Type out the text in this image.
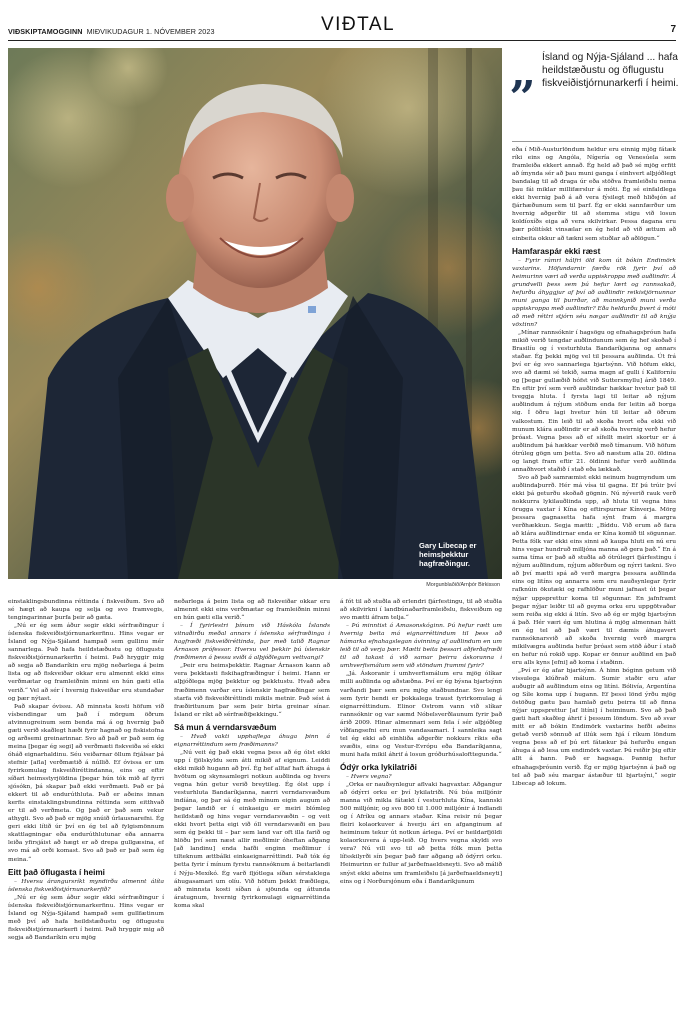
VIÐSKIPTAMOGGINN MIÐVIKUDAGUR 1. NÓVEMBER 2023	VIÐTAL	7
Gary Libecap er heimsþekktur hagfræðingur.
Morgunblaðið/Arnþór Birkisson
„ Ísland og Nýja-Sjáland ... hafa heildstæðustu og öflugustu fiskveiðistjórnunarkerfi í heimi.

eða í Mið-Austurlöndum heldur eru einnig mjög fátæk ríki eins og Angóla, Nígería og Venesúela sem framleiða ekkert annað. Ég held að það sé mjög erfitt að ímynda sér að þau muni ganga í einhvert alþjóðlegt bandalag til að draga úr eða stöðva framleiðslu nema þau fái miklar millifærslur á móti. Ég sé einfaldlega ekki hvernig það á að vera fýsilegt með hliðsjón af fjárhæðunum sem til þarf. Ég er ekki sannfærður um hvernig aðgerðir til að stemma stigu við losun koldíoxíðs eiga að vera skilvirkar. Þessa dagana eru þær pólitískt vinsælar en ég held að við ættum að einbeita okkur að tækni sem stuðlar að aðlögun.“

Hamfaraspár ekki ræst

– Fyrir rúmri hálfri öld kom út bókin Endimörk vaxtarins. Höfundarnir færðu rök fyrir því að heimurinn væri að verða uppiskroppa með auðlindir. Á grundvelli þess sem þú hefur lært og rannsakað, hefurðu áhyggjur af því að auðlindir reikistjörnunnar muni ganga til þurrðar, að mannkynið muni verða uppiskroppa með auðlindir? Eða heldurðu þvert á móti að með réttri stjórn séu nægar auðlindir til að knýja vöxtinn?

„Mínar rannsóknir í hagsögu og efnahagsþróun hafa mikið verið tengdar auðlindunum sem ég hef skoðað í Brasilíu og í vesturhluta Bandaríkjanna og annars staðar. Ég þekki mjög vel til þessara auðlinda. Út frá því er ég svo sannarlega bjartsýnn. Við höfum ekki, svo að dæmi sé tekið, sama magn af gulli í Kaliforníu og [þegar gullæðið hófst við Suttersmyllu] árið 1849. En eftir því sem verð auðlindar hækkar hvetur það til tveggja hluta. Í fyrsta lagi til leitar að nýjum auðlindum á nýjum stöðum enda fer leitin að borga sig. Í öðru lagi hvetur hún til leitar að öðrum valkostum. Ein leið til að skoða hvort eða ekki við munum klára auðlindir er að skoða hvernig verð hefur þróast. Vegna þess að ef sífellt meiri skortur er á auðlindum þá hækkar verðið með tímanum. Við höfum ótrúleg gögn um þetta. Svo að næstum alla 20. öldina og langt fram eftir 21. öldinni hefur verð auðlinda annaðhvort staðið í stað eða lækkað.

Svo að það samræmist ekki neinum hugmyndum um auðlindaþurrð. Hér má vísa til gagna. Ef þú trúir því ekki þá geturðu skoðað gögnin. Nú nýverið rauk verð nokkurra lykilauðlinda upp, að hluta til vegna hins örugga vaxtar í Kína og eftirspurnar Kínverja. Mörg þessara gagnasetta hafa sýnt fram á margra verðhækkun. Segja mætti: „Bíddu. Við erum að fara að klára auðlindirnar enda er Kína komið til sögunnar. Þetta fólk var ekki eins sinni að kaupa hluti en nú eru hins vegar hundruð milljóna manna að gera það.“ En á sama tíma er það að stuðla að ótrúlegri fjárfestingu í nýjum auðlindum, nýjum aðferðum og nýrri tækni. Svo að því mætti spá að verð margra þessara auðlinda eins og litíns og annarra sem eru nauðsynlegar fyrir rafknúin ökutæki og rafhlöður muni jafnast út þegar nýjar uppsprettur koma til sögunnar. En jafnframt þegar nýjar leiðir til að geyma orku eru uppgötvaðar sem reiða sig ekki á litín. Svo að ég er mjög bjartsýnn á það. Hér væri ég um hlutina á mjög almennan hátt en ég tel að það væri til dæmis áhugavert rannsóknarsvið að skoða hvernig verð margra mikilvægra auðlinda hefur þróast sem stöð áður í stað en hefur nú rokið upp. Kopar er önnur auðlind en það eru alls kyns [efni] að koma í staðinn.

„Því er ég afar bjartsýnn. Á hinn bóginn getum við vissulega klúðrað málum. Sumir staðir eru afar auðugir að auðlindum eins og litíni. Bólivía, Argentína og Síle koma upp í hugann. Ef þessi lönd ýrðu mjög östöðug gætu þau hamlað getu þeirra til að finna nýjar uppsprettur [af litíni] í heiminum. Svo að það gæti haft skaðleg áhrif í þessum löndum. Svo að svar mitt er að bókin Endimörk vaxtarins hefði aðeins getað verið sönnuð af illúk sem hjá í ríkum löndum vegna þess að ef þú ert fátækur þá hefurðu engan áhuga á að lesa um endimörk vaxtar. Þú reiðir þig eftir allt á hann. Það er hagsaga. Þannig hefur efnahagsþróunin verið. Ég er mjög bjartsýnn á það og tel að það séu margar ástæður til bjartsýni,“ segir Libecap að lokum.

einstaklingsbundinna réttinda í fiskveiðum. Svo að sé hægt að kaupa og selja og svo framvegis, tengingarinnar þurfa þeir að gæta.

„Nú er ég sem áður segir ekki sérfræðingur í íslenska fiskveiðistjórnunarkerfinu. Hins vegar er Ísland og Nýja-Sjáland hampað sem gullinu mér sannarlega. Það hafa heildstæðustu og öflugustu fiskveiðistjórnunarkerfin í heimi. Það hryggir mig að segja að Bandaríkin eru mjög neðarlega á þeim lista og að fiskveiðar okkar eru almennt ekki eins verðmætar og framleiðnin minni en hún gæti ella verið.“ Vel að sér í hvernig fiskveiðar eru stundaðar og þær nýtast.

Það skapar óvissu. Að minnsta kosti höfum við vísbendingar um það í mörgum öðrum atvinnugreinum sem benda má á og hvernig það gæti verið skaðlegt hæði fyrir hagnað og fiskistofna og arðsemi greinarinnar. Svo að það er það sem ég meina [þegar ég segi] að verðmæti fiskveiða sé ekki óháð eignarhaldinu. Séu veiðarnar öllum frjálsar þá stefnir [afla] verðmætið á núllið. Ef óvissa er um fyrirkomulag fiskveiðiréttindanna, eins og eftir síðari heimsstyrjöldina [þegar hún tók mið af fyrri sjósókn, þá skapar það ekki verðmæti. Það er þá ekkert til að endurúthluta. Það er aðeins innan kerfis einstaklingsbundinna réttinda sem eitthvað er til að verðmeta. Og það er það sem vekur athygli. Svo að það er mjög snúið úrlausnarefni. Ég geri ekki lítið úr því en ég tel að fylgismönnum skattlagningar eða endurúthlutunar eða annarra leiða yfirsjáist að hægt er að drepa gullgæsina, ef svo má að orði komast. Svo að það er það sem ég meina.“

Eitt það öflugasta í heimi

– Hversu árangursríkt myndirðu almennt álíta íslenska fiskveiðistjórnunarkerfið?

„Nú er ég sem áður segir ekki sérfræðingur í íslenska fiskveiðistjórnunarkerfinu. Hins vegar er Ísland og Nýja-Sjáland hampað sem gullfætinum með því að hafa heildstæðustu og öflugustu fiskveiðistjórnunarkerfi í heimi. Það hryggir mig að segja að Bandaríkin eru mjög

neðarlega á þeim lista og að fiskveiðar okkar eru almennt ekki eins verðmætar og framleiðnin minni en hún gæti ella verið.“

– Í fyrirlestri þínum við Háskóla Íslands vitnaðirðu meðal annars í íslenska sérfræðinga í hagfræði fiskveiðiréttinda, þar með talið Ragnar Árnason prófessor. Hversu vel þekkir þú íslenskir fræðimenn á þessu sviði á alþjóðlegum vettvangi?

„Þeir eru heimsþekktir. Ragnar Árnason kann að vera þekktasti fiskihagfræðingur í heimi. Hann er alþjóðlega mjög þekktur og þekktustu. Hvað aðra fræðimenn varðar eru íslenskir hagfræðingar sem starfa við fiskveiðiréttindi mikils metnir. Það sést á fræðiritunum þar sem þeir birta greinar sínar. Ísland er ríkt að sérfræðiþekkingu.“

Sá mun á verndarsvæðum

– Hvað vakti upphaflega áhuga þinn á eignarréttindum sem fræðimanns?

„Nú veit ég það ekki vegna þess að ég ólst ekki upp í fjölskyldu sem átti mikið af eignum. Leiddi ekki mikið hugann að því. Ég hef alltaf haft áhuga á hvötum og skynsamlegri notkun auðlinda og hvers vegna hún getur verið breytileg. Ég ólst upp í vesturhluta Bandaríkjanna, nærri verndarsvæðum indíána, og þar sá ég með mínum eigin augum að þegar landið er í einkaeigu er meiri blómleg heildstæð og hins vegar verndarsvæðin – og veit ekki hvort þetta eigi við óll verndarsvæði en þau sem ég þekki til – þar sem land var oft illa farið og hlöðu því sem næst allir meðlimir óheftan aðgang [að landinu] enda hafði enginn meðlimur í tilteknum ættbálki einkaeignarréttindi. Það tók ég þetta fyrir í mínum fyrstu rannsóknum á beitarlandi í Nýju-Mexíkó. Ég varð fljótlega síðan sérstaklega áhugasamari um olíu. Við höfum þekkt fræðilega, að minnsta kosti síðan á sjöunda og áttunda áratugnum, hvernig fyrirkomulagi eignarréttinda koma skal

á fót til að stuðla að erlendri fjárfestingu, til að stuðla að skilvirkni í landbúnaðarframleiðslu, fiskveiðum og svo mætti áfram telja.“

– Þú minntist á Amasonskóginn. Þú hefur rætt um hvernig beita má eignarréttindum til þess að hámarka efnahagslegan ávinning af auðlindum en um leið til að verja þær. Mætti beita þessari aðferðafræði til að takast á við samar þeirra áskoranna í umhverfismálum sem við stöndum frammi fyrir?

„Já. Áskoranir í umhverfismálum eru mjög ólíkar milli auðlinda og aðstæðna. Því er ég býsna bjartsýnn varðandi þær sem eru mjög staðbundnar. Svo lengi sem fyrir hendi er þokkalega traust fyrirkomulag á eignarréttindum. Elinor Ostrom vann við slíkar rannsóknir og var sæmd Nóbelsverðlaunum fyrir það árið 2009. Hinar almennari sem fela í sér alþjóðleg víðfangsefni eru mun vandasamari. Í sannleika sagt tel ég ekki að einhliða aðgerðir nokkurs ríkis eða svæðis, eins og Vestur-Evrópu eða Bandaríkjanna, muni hafa mikil áhrif á losun gróðurhúsalofttegunda.“

Ódýr orka lykilatriði

– Hvers vegna?

„Orka er nauðsynlegur aflvaki hagvaxtar. Aðgangur að ódýrri orku er því lykilatriði. Nú búa milljónir manna við mikla fátækt í vesturhluta Kína, kannski 500 milljónir, og svo 800 til 1.000 milljónir á Indlandi og í Afríku og annars staðar. Kína reisir nú þegar fleiri kolaorkuver á hverju ári en afganginum af heiminum tekur út notkun árlega. Því er heildarfjöldi kolaorkuvera á upp-leið. Og hvers vegna skyldi svo vera? Nú vill svo til að þetta fólk mun þetta lífsskilyrði sín þegar það fær aðgang að ódýrri orku. Heimurinn er fullur af jarðefnaeldsneyti. Svo að málið snýst ekki aðeins um framleiðslu [á jarðefnaeldsneyti] eins og í Norðursjónum eða í Bandaríkjunum
